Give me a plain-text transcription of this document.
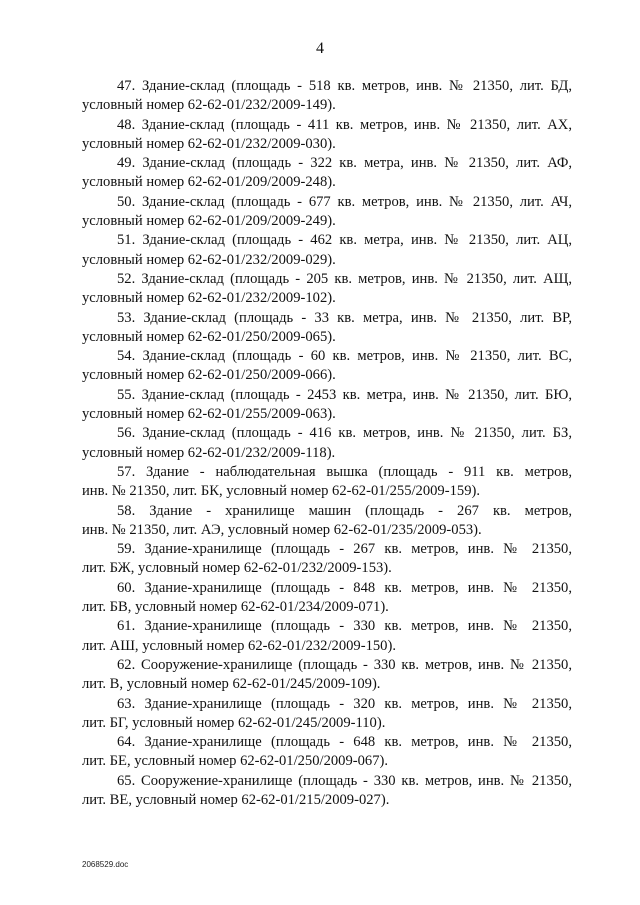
4

47. Здание-склад (площадь - 518 кв. метров, инв. № 21350, лит. БД,
условный номер 62-62-01/232/2009-149).

48. Здание-склад (площадь - 411 кв. метров, инв. № 21350, лит. АХ,
условный номер 62-62-01/232/2009-030).

49. Здание-склад (площадь - 322 кв. метра, инв. № 21350, лит. АФ,
условный номер 62-62-01/209/2009-248).

50. Здание-склад (площадь - 677 кв. метров, инв. № 21350, лит. АЧ,
условный номер 62-62-01/209/2009-249).

51. Здание-склад (площадь - 462 кв. метра, инв. № 21350, лит. АЦ,
условный номер 62-62-01/232/2009-029).

52. Здание-склад (площадь - 205 кв. метров, инв. № 21350, лит. АЩ,
условный номер 62-62-01/232/2009-102).

53. Здание-склад (площадь - 33 кв. метра, инв. № 21350, лит. ВР,
условный номер 62-62-01/250/2009-065).

54. Здание-склад (площадь - 60 кв. метров, инв. № 21350, лит. ВС,
условный номер 62-62-01/250/2009-066).

55. Здание-склад (площадь - 2453 кв. метра, инв. № 21350, лит. БЮ,
условный номер 62-62-01/255/2009-063).

56. Здание-склад (площадь - 416 кв. метров, инв. № 21350, лит. БЗ,
условный номер 62-62-01/232/2009-118).

57. Здание - наблюдательная вышка (площадь - 911 кв. метров,
инв. № 21350, лит. БК, условный номер 62-62-01/255/2009-159).

58. Здание - хранилище машин (площадь - 267 кв. метров,
инв. № 21350, лит. АЭ, условный номер 62-62-01/235/2009-053).

59. Здание-хранилище (площадь - 267 кв. метров, инв. № 21350,
лит. БЖ, условный номер 62-62-01/232/2009-153).

60. Здание-хранилище (площадь - 848 кв. метров, инв. № 21350,
лит. БВ, условный номер 62-62-01/234/2009-071).

61. Здание-хранилище (площадь - 330 кв. метров, инв. № 21350,
лит. АШ, условный номер 62-62-01/232/2009-150).

62. Сооружение-хранилище (площадь - 330 кв. метров, инв. № 21350,
лит. В, условный номер 62-62-01/245/2009-109).

63. Здание-хранилище (площадь - 320 кв. метров, инв. № 21350,
лит. БГ, условный номер 62-62-01/245/2009-110).

64. Здание-хранилище (площадь - 648 кв. метров, инв. № 21350,
лит. БЕ, условный номер 62-62-01/250/2009-067).

65. Сооружение-хранилище (площадь - 330 кв. метров, инв. № 21350,
лит. ВЕ, условный номер 62-62-01/215/2009-027).

2068529.doc
